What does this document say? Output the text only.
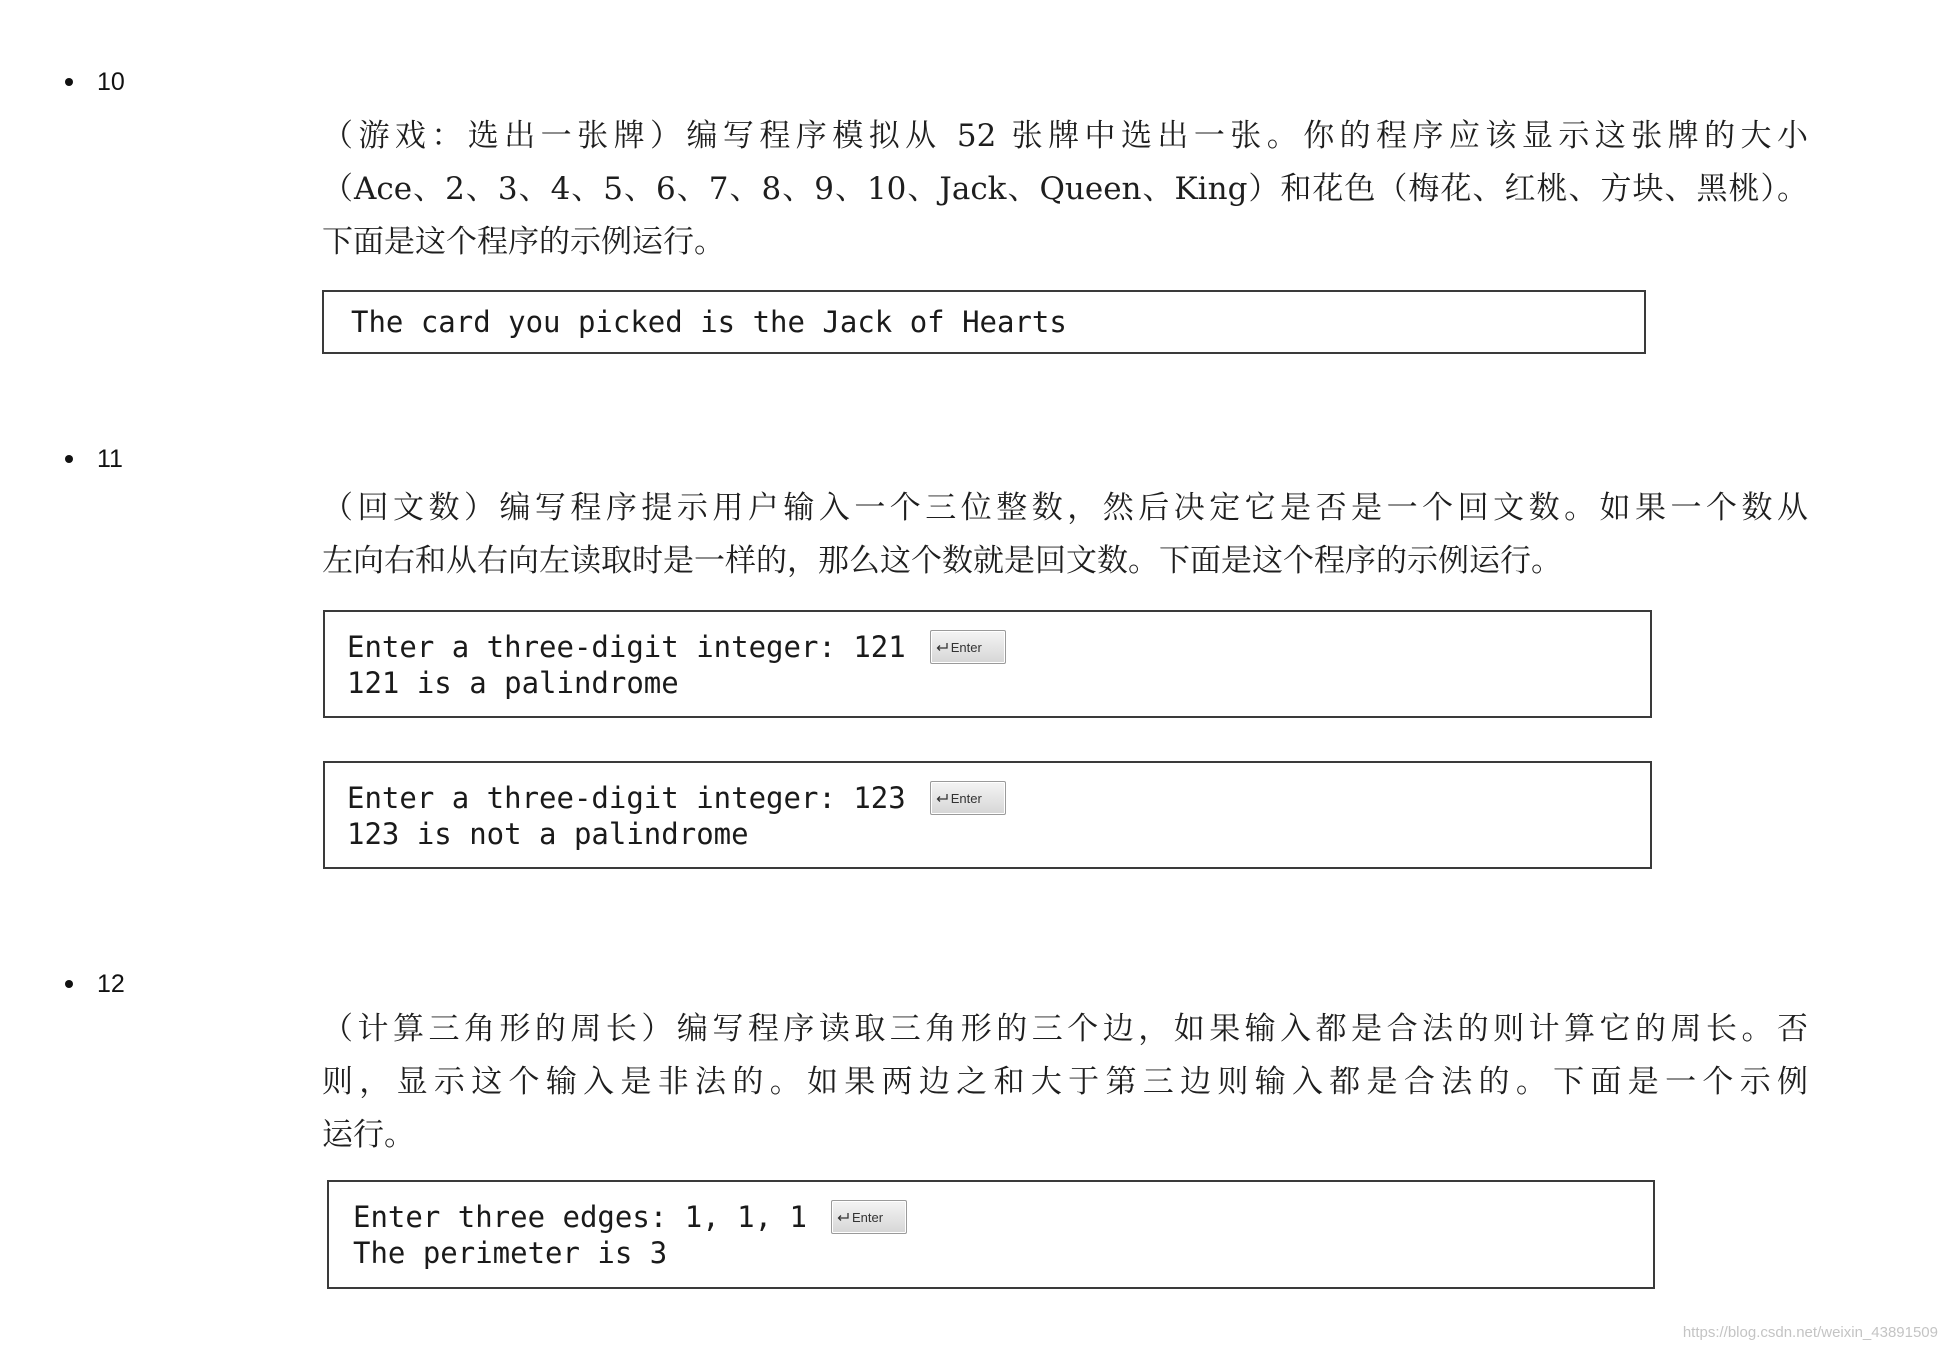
10
（游戏：选出一张牌）编写程序模拟从 52 张牌中选出一张。你的程序应该显示这张牌的大小
（Ace、2、3、4、5、6、7、8、9、10、Jack、Queen、King）和花色（梅花、红桃、方块、黑桃）。
下面是这个程序的示例运行。
The card you picked is the Jack of Hearts
11
（回文数）编写程序提示用户输入一个三位整数，然后决定它是否是一个回文数。如果一个数从
左向右和从右向左读取时是一样的，那么这个数就是回文数。下面是这个程序的示例运行。
Enter a three-digit integer: 121	Enter
121 is a palindrome
Enter a three-digit integer: 123	Enter
123 is not a palindrome
12
（计算三角形的周长）编写程序读取三角形的三个边，如果输入都是合法的则计算它的周长。否
则，显示这个输入是非法的。如果两边之和大于第三边则输入都是合法的。下面是一个示例
运行。
Enter three edges: 1, 1, 1	Enter
The perimeter is 3
https://blog.csdn.net/weixin_43891509
